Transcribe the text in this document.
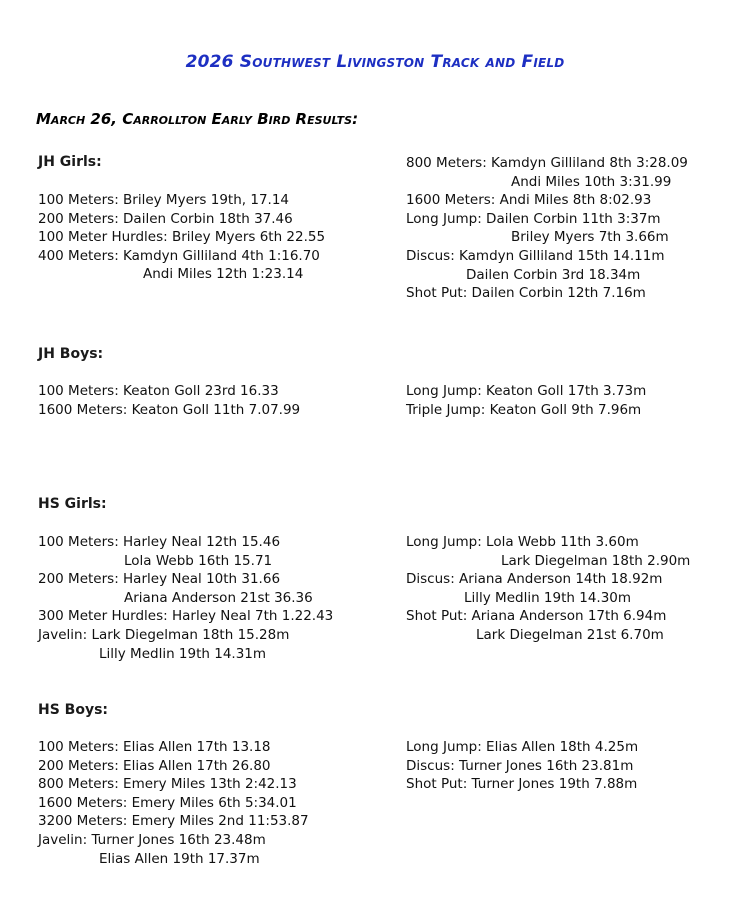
2026 Southwest Livingston Track and Field
March 26, Carrollton Early Bird Results:
JH Girls:
100 Meters: Briley Myers 19th, 17.14
200 Meters: Dailen Corbin 18th 37.46
100 Meter Hurdles: Briley Myers 6th 22.55
400 Meters: Kamdyn Gilliland 4th 1:16.70
Andi Miles 12th 1:23.14
800 Meters: Kamdyn Gilliland 8th 3:28.09
Andi Miles 10th 3:31.99
1600 Meters: Andi Miles 8th 8:02.93
Long Jump: Dailen Corbin 11th 3:37m
Briley Myers 7th 3.66m
Discus: Kamdyn Gilliland 15th 14.11m
Dailen Corbin 3rd 18.34m
Shot Put: Dailen Corbin 12th 7.16m
JH Boys:
100 Meters: Keaton Goll 23rd 16.33
1600 Meters: Keaton Goll 11th 7.07.99
Long Jump: Keaton Goll 17th 3.73m
Triple Jump: Keaton Goll 9th 7.96m
HS Girls:
100 Meters: Harley Neal 12th 15.46
Lola Webb 16th 15.71
200 Meters: Harley Neal 10th 31.66
Ariana Anderson 21st 36.36
300 Meter Hurdles: Harley Neal 7th 1.22.43
Javelin: Lark Diegelman 18th 15.28m
Lilly Medlin 19th 14.31m
Long Jump: Lola Webb 11th 3.60m
Lark Diegelman 18th 2.90m
Discus: Ariana Anderson 14th 18.92m
Lilly Medlin 19th 14.30m
Shot Put: Ariana Anderson 17th 6.94m
Lark Diegelman 21st 6.70m
HS Boys:
100 Meters: Elias Allen 17th 13.18
200 Meters: Elias Allen 17th 26.80
800 Meters: Emery Miles 13th 2:42.13
1600 Meters: Emery Miles 6th 5:34.01
3200 Meters: Emery Miles 2nd 11:53.87
Javelin: Turner Jones 16th 23.48m
Elias Allen 19th 17.37m
Long Jump: Elias Allen 18th 4.25m
Discus: Turner Jones 16th 23.81m
Shot Put: Turner Jones 19th 7.88m
